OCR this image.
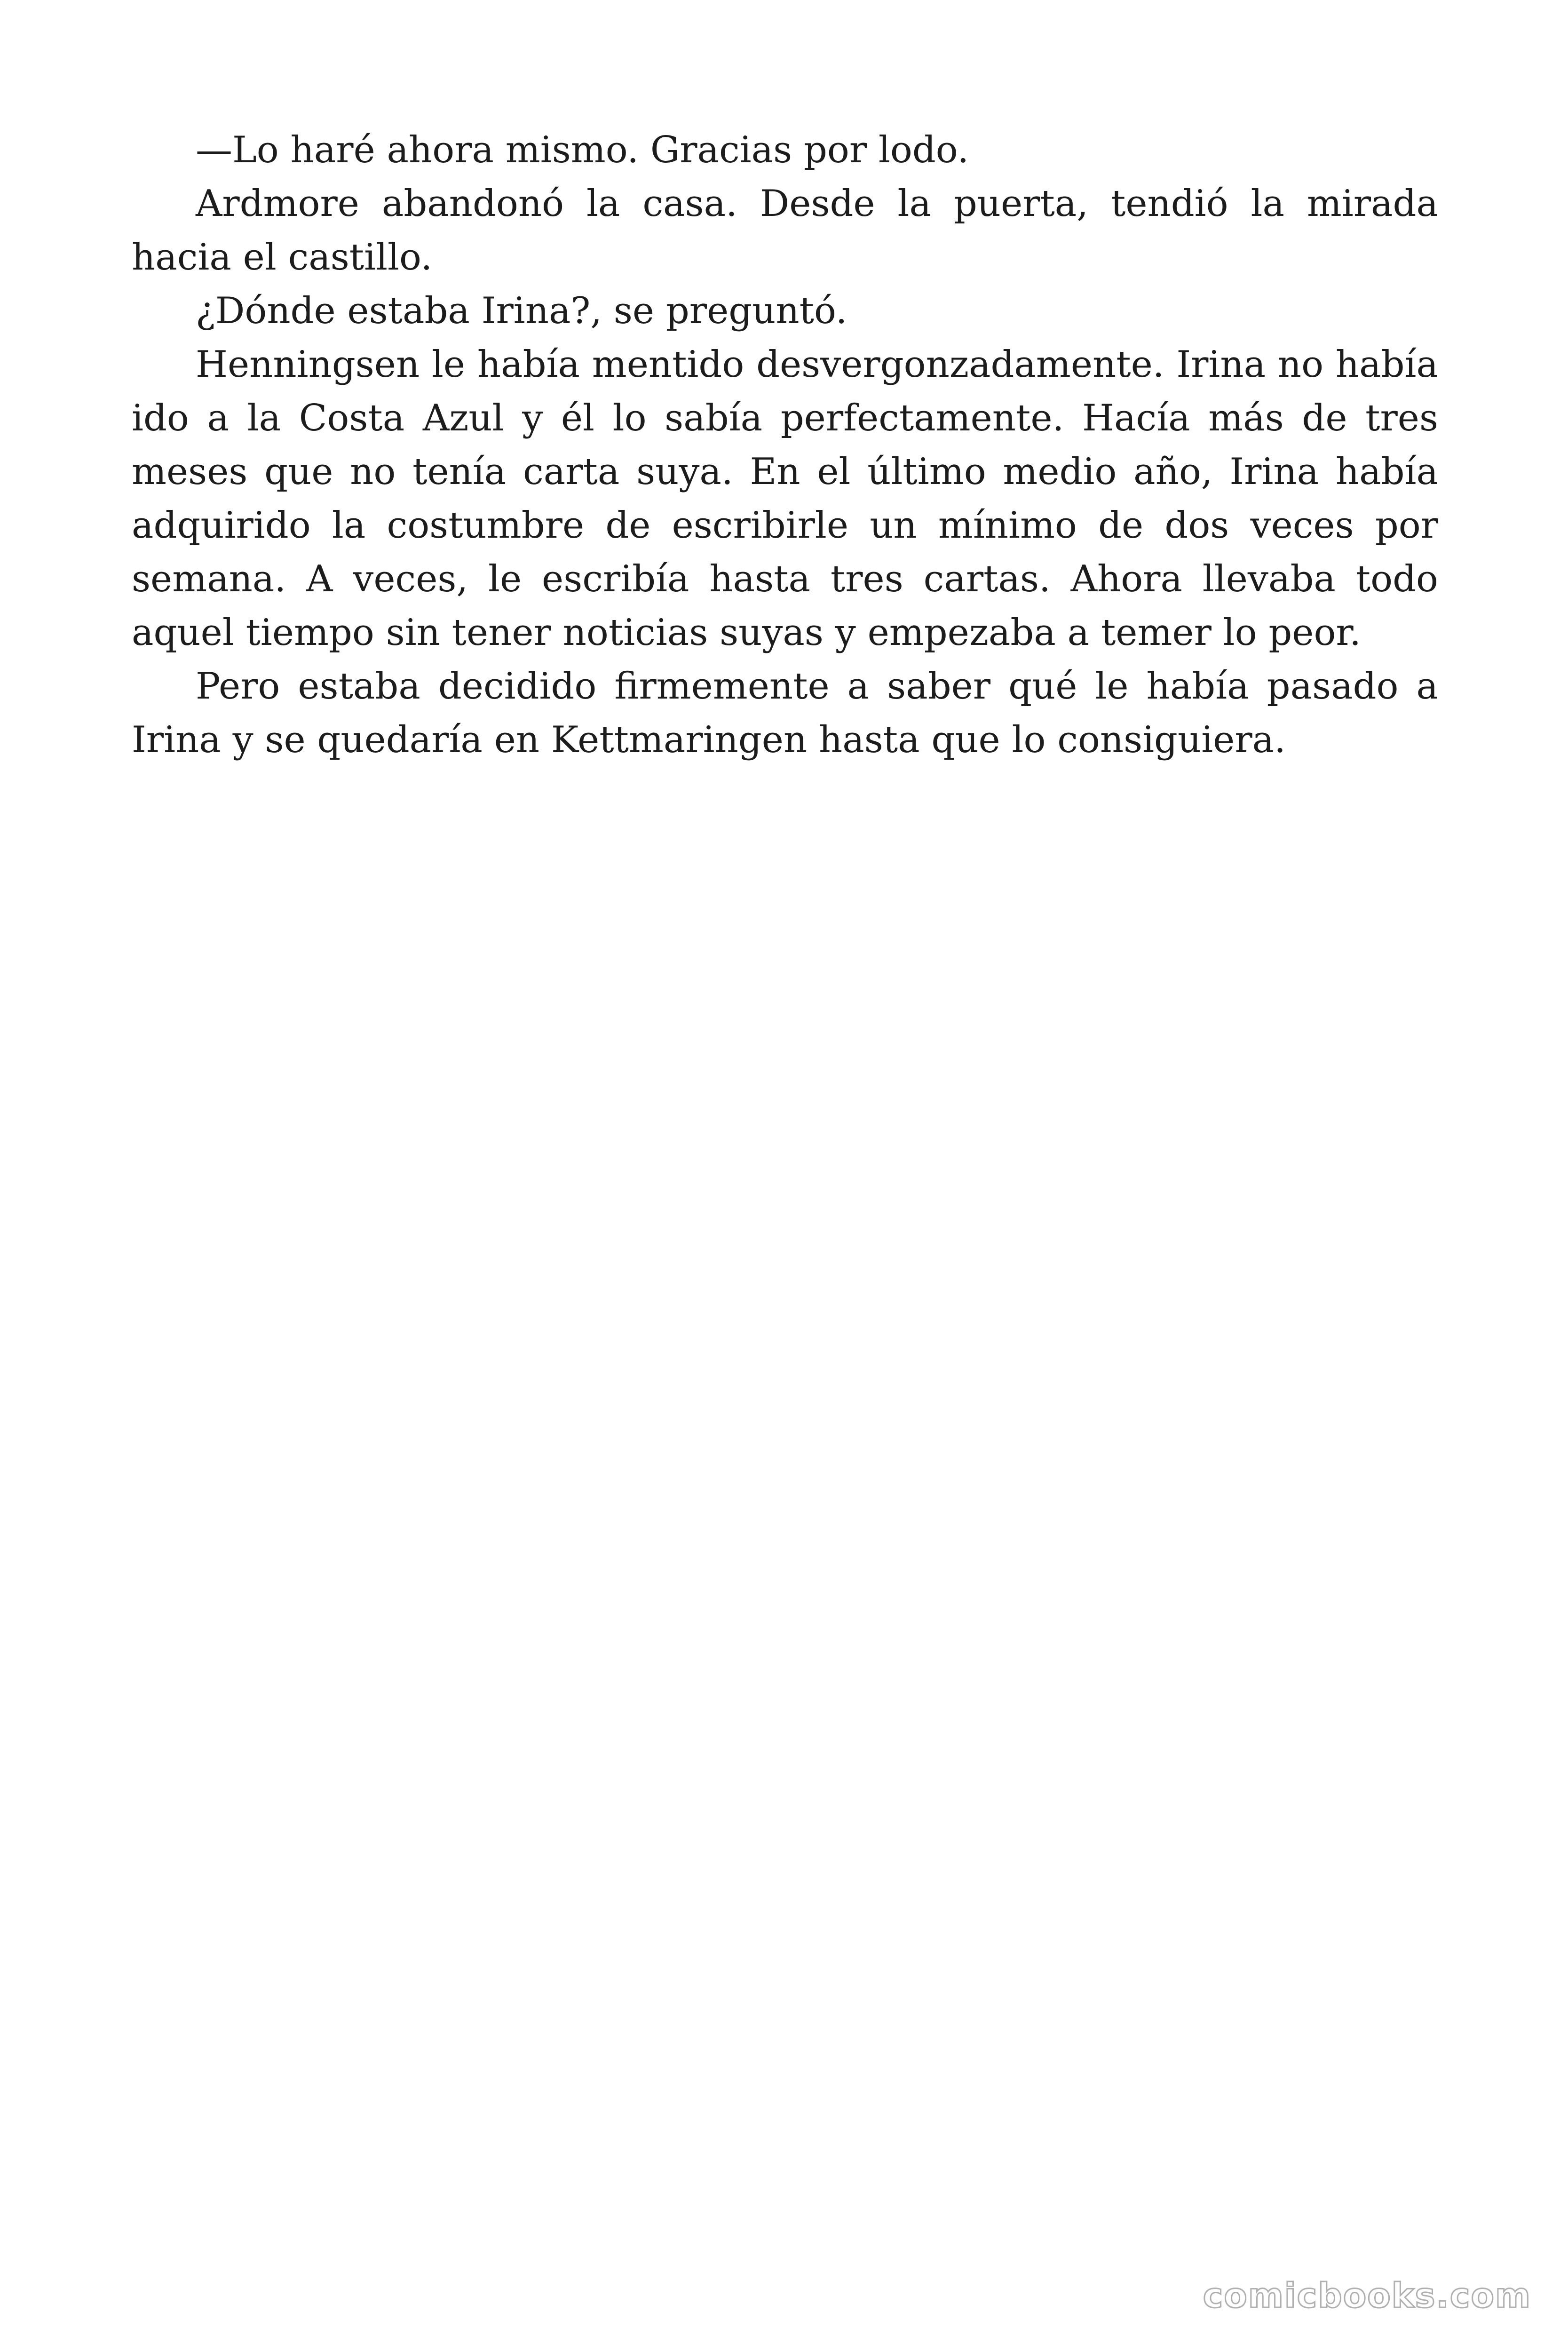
—Lo haré ahora mismo. Gracias por lodo.

Ardmore abandonó la casa. Desde la puerta, tendió la mirada hacia el castillo.

¿Dónde estaba Irina?, se preguntó.

Henningsen le había mentido desvergonzadamente. Irina no había ido a la Costa Azul y él lo sabía perfectamente. Hacía más de tres meses que no tenía carta suya. En el último medio año, Irina había adquirido la costumbre de escribirle un mínimo de dos veces por semana. A veces, le escribía hasta tres cartas. Ahora llevaba todo aquel tiempo sin tener noticias suyas y empezaba a temer lo peor.

Pero estaba decidido firmemente a saber qué le había pasado a Irina y se quedaría en Kettmaringen hasta que lo consiguiera.

comicbooks.com
